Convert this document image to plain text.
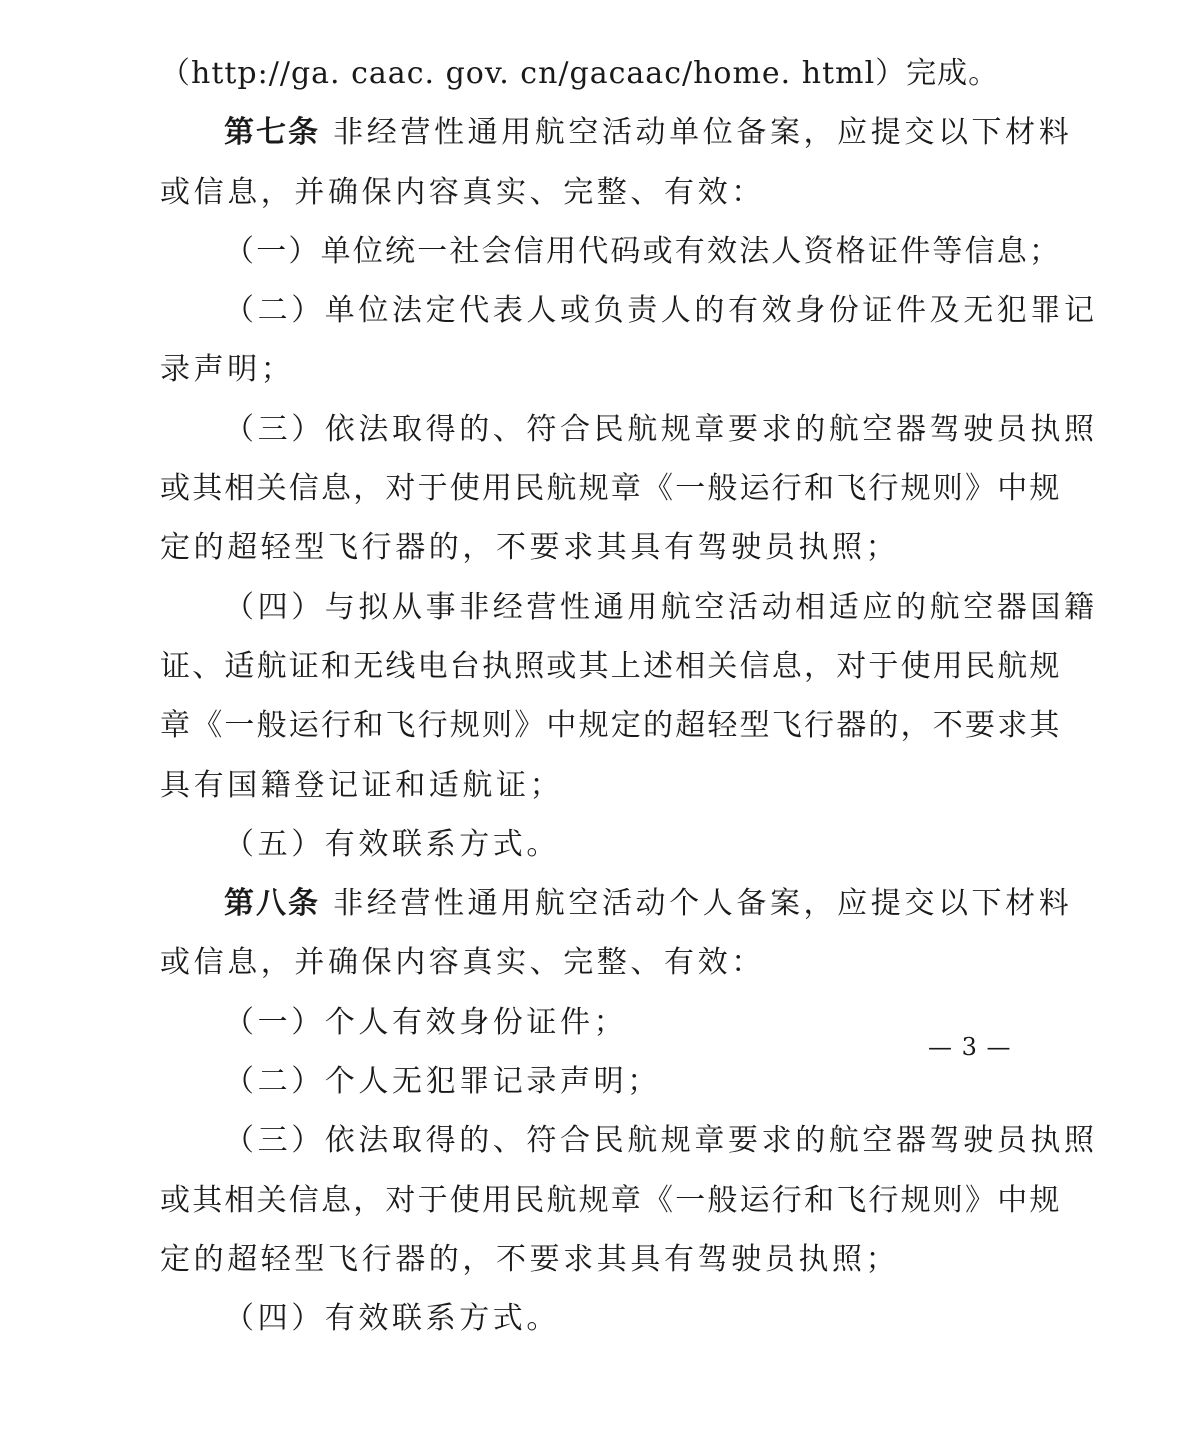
（http://ga. caac. gov. cn/gacaac/home. html）完成。
第七条 非经营性通用航空活动单位备案，应提交以下材料
或信息，并确保内容真实、完整、有效：
（一）单位统一社会信用代码或有效法人资格证件等信息；
（二）单位法定代表人或负责人的有效身份证件及无犯罪记
录声明；
（三）依法取得的、符合民航规章要求的航空器驾驶员执照
或其相关信息，对于使用民航规章《一般运行和飞行规则》中规
定的超轻型飞行器的，不要求其具有驾驶员执照；
（四）与拟从事非经营性通用航空活动相适应的航空器国籍
证、适航证和无线电台执照或其上述相关信息，对于使用民航规
章《一般运行和飞行规则》中规定的超轻型飞行器的，不要求其
具有国籍登记证和适航证；
（五）有效联系方式。
第八条 非经营性通用航空活动个人备案，应提交以下材料
或信息，并确保内容真实、完整、有效：
（一）个人有效身份证件；
（二）个人无犯罪记录声明；
（三）依法取得的、符合民航规章要求的航空器驾驶员执照
或其相关信息，对于使用民航规章《一般运行和飞行规则》中规
定的超轻型飞行器的，不要求其具有驾驶员执照；
（四）有效联系方式。
— 3 —
